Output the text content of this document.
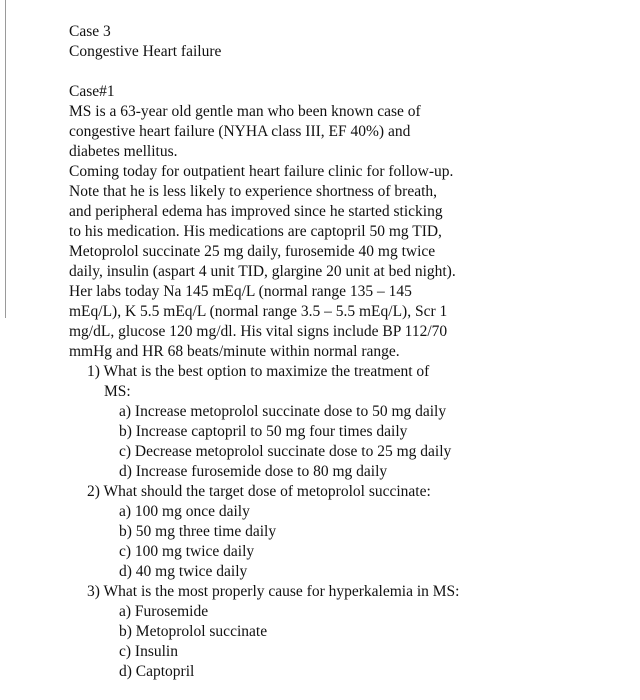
Case 3
Congestive Heart failure
Case#1
MS is a 63-year old gentle man who been known case of
congestive heart failure (NYHA class III, EF 40%) and
diabetes mellitus.
Coming today for outpatient heart failure clinic for follow-up.
Note that he is less likely to experience shortness of breath,
and peripheral edema has improved since he started sticking
to his medication. His medications are captopril 50 mg TID,
Metoprolol succinate 25 mg daily, furosemide 40 mg twice
daily, insulin (aspart 4 unit TID, glargine 20 unit at bed night).
Her labs today Na 145 mEq/L (normal range 135 – 145
mEq/L), K 5.5 mEq/L (normal range 3.5 – 5.5 mEq/L), Scr 1
mg/dL, glucose 120 mg/dl. His vital signs include BP 112/70
mmHg and HR 68 beats/minute within normal range.
1) What is the best option to maximize the treatment of
MS:
a) Increase metoprolol succinate dose to 50 mg daily
b) Increase captopril to 50 mg four times daily
c) Decrease metoprolol succinate dose to 25 mg daily
d) Increase furosemide dose to 80 mg daily
2) What should the target dose of metoprolol succinate:
a) 100 mg once daily
b) 50 mg three time daily
c) 100 mg twice daily
d) 40 mg twice daily
3) What is the most properly cause for hyperkalemia in MS:
a) Furosemide
b) Metoprolol succinate
c) Insulin
d) Captopril
